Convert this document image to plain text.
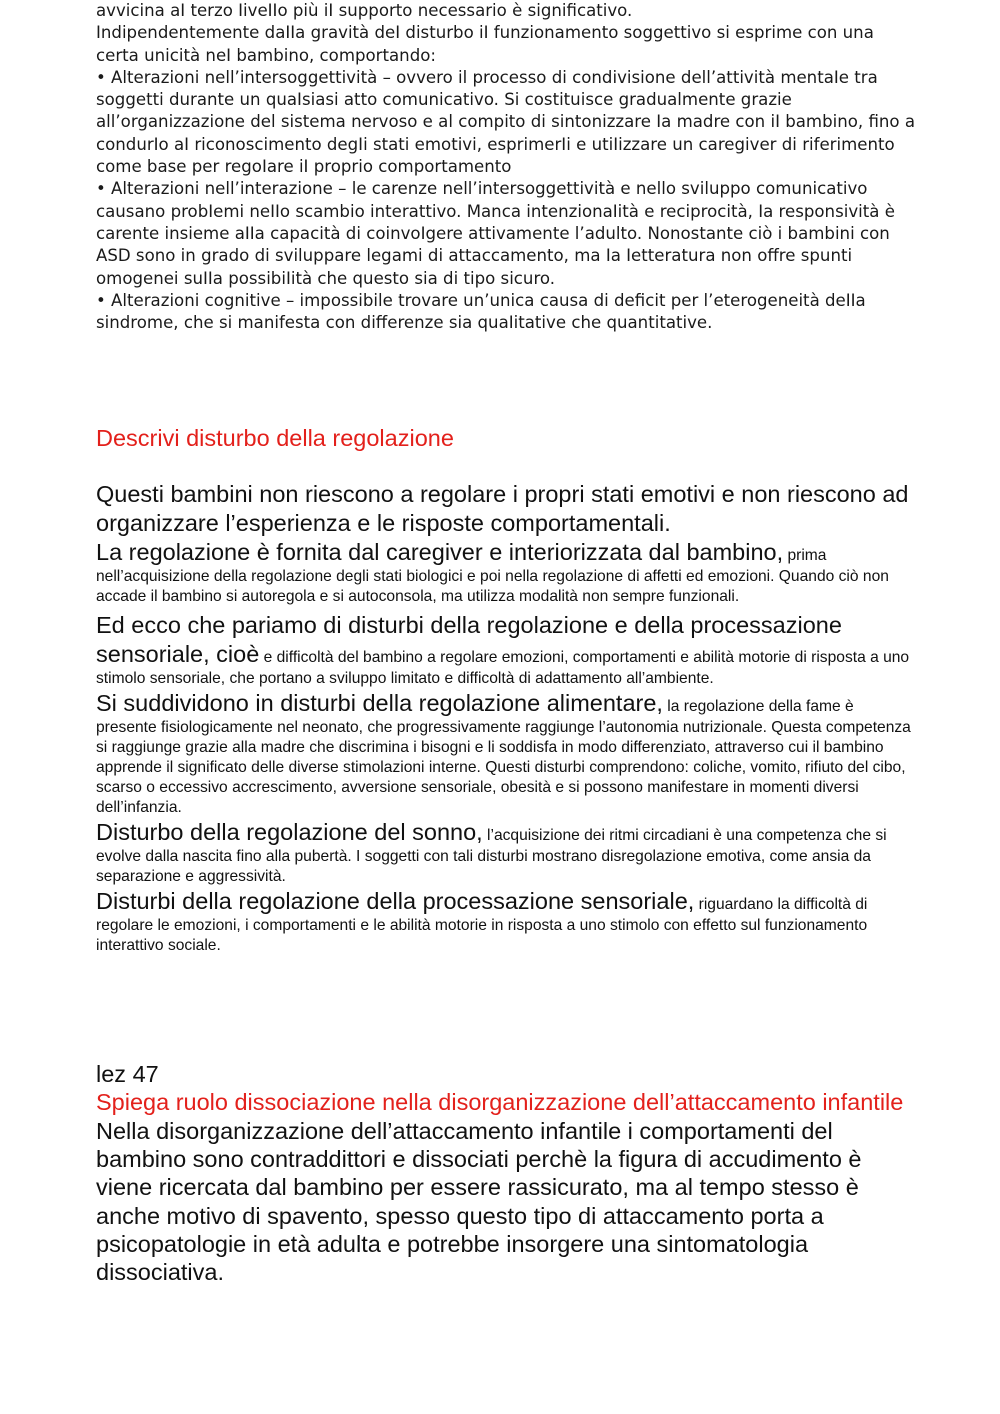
avvicina aI terzo IiveIIo più iI supporto necessario è significativo.

Indipendentemente daIIa gravità deI disturbo iI funzionamento soggettivo si esprime con una certa unicità neI bambino, comportando:

• Alterazioni nell’intersoggettività – ovvero il processo di condivisione dell’attività mentaIe tra soggetti durante un quaIsiasi atto comunicativo. Si costituisce gradualmente grazie all’organizzazione del sistema nervoso e al compito di sintonizzare Ia madre con iI bambino, fino a condurIo aI riconoscimento degIi stati emotivi, esprimerIi e utiIizzare un caregiver di riferimento come base per regoIare iI proprio comportamento

• Alterazioni nell’interazione – le carenze nell’intersoggettività e nello sviluppo comunicativo causano probIemi neIIo scambio interattivo. Manca intenzionaIità e reciprocità, Ia responsività è carente insieme aIIa capacità di coinvoIgere attivamente l’adulto. Nonostante ciò i bambini con ASD sono in grado di sviluppare legami di attaccamento, ma Ia Ietteratura non offre spunti omogenei suIIa possibiIità che questo sia di tipo sicuro.

• Alterazioni cognitive – impossibile trovare un’unica causa di deficit per l’eterogeneità deIIa sindrome, che si manifesta con differenze sia quaIitative che quantitative.

Descrivi disturbo della regolazione

Questi bambini non riescono a regolare i propri stati emotivi e non riescono ad organizzare l’esperienza e le risposte comportamentali.

La regolazione è fornita dal caregiver e interiorizzata dal bambino, prima nell’acquisizione della regolazione degli stati biologici e poi nella regolazione di affetti ed emozioni. Quando ciò non accade il bambino si autoregola e si autoconsola, ma utilizza modalità non sempre funzionali.

Ed ecco che pariamo di disturbi della regolazione e della processazione sensoriale, cioè e difficoltà del bambino a regolare emozioni, comportamenti e abilità motorie di risposta a uno stimolo sensoriale, che portano a sviluppo limitato e difficoltà di adattamento all’ambiente.

Si suddividono in disturbi della regolazione alimentare, la regolazione della fame è presente fisiologicamente nel neonato, che progressivamente raggiunge l’autonomia nutrizionale. Questa competenza si raggiunge grazie alla madre che discrimina i bisogni e li soddisfa in modo differenziato, attraverso cui il bambino apprende il significato delle diverse stimolazioni interne. Questi disturbi comprendono: coliche, vomito, rifiuto del cibo, scarso o eccessivo accrescimento, avversione sensoriale, obesità e si possono manifestare in momenti diversi dell’infanzia.

Disturbo della regolazione del sonno, l’acquisizione dei ritmi circadiani è una competenza che si evolve dalla nascita fino alla pubertà. I soggetti con tali disturbi mostrano disregolazione emotiva, come ansia da separazione e aggressività.

Disturbi della regolazione della processazione sensoriale, riguardano la difficoltà di regolare le emozioni, i comportamenti e le abilità motorie in risposta a uno stimolo con effetto sul funzionamento interattivo sociale.

lez 47

Spiega ruolo dissociazione nella disorganizzazione dell’attaccamento infantile

Nella disorganizzazione dell’attaccamento infantile i comportamenti del bambino sono contraddittori e dissociati perchè la figura di accudimento è viene ricercata dal bambino per essere rassicurato, ma al tempo stesso è anche motivo di spavento, spesso questo tipo di attaccamento porta a psicopatologie in età adulta e potrebbe insorgere una sintomatologia dissociativa.
